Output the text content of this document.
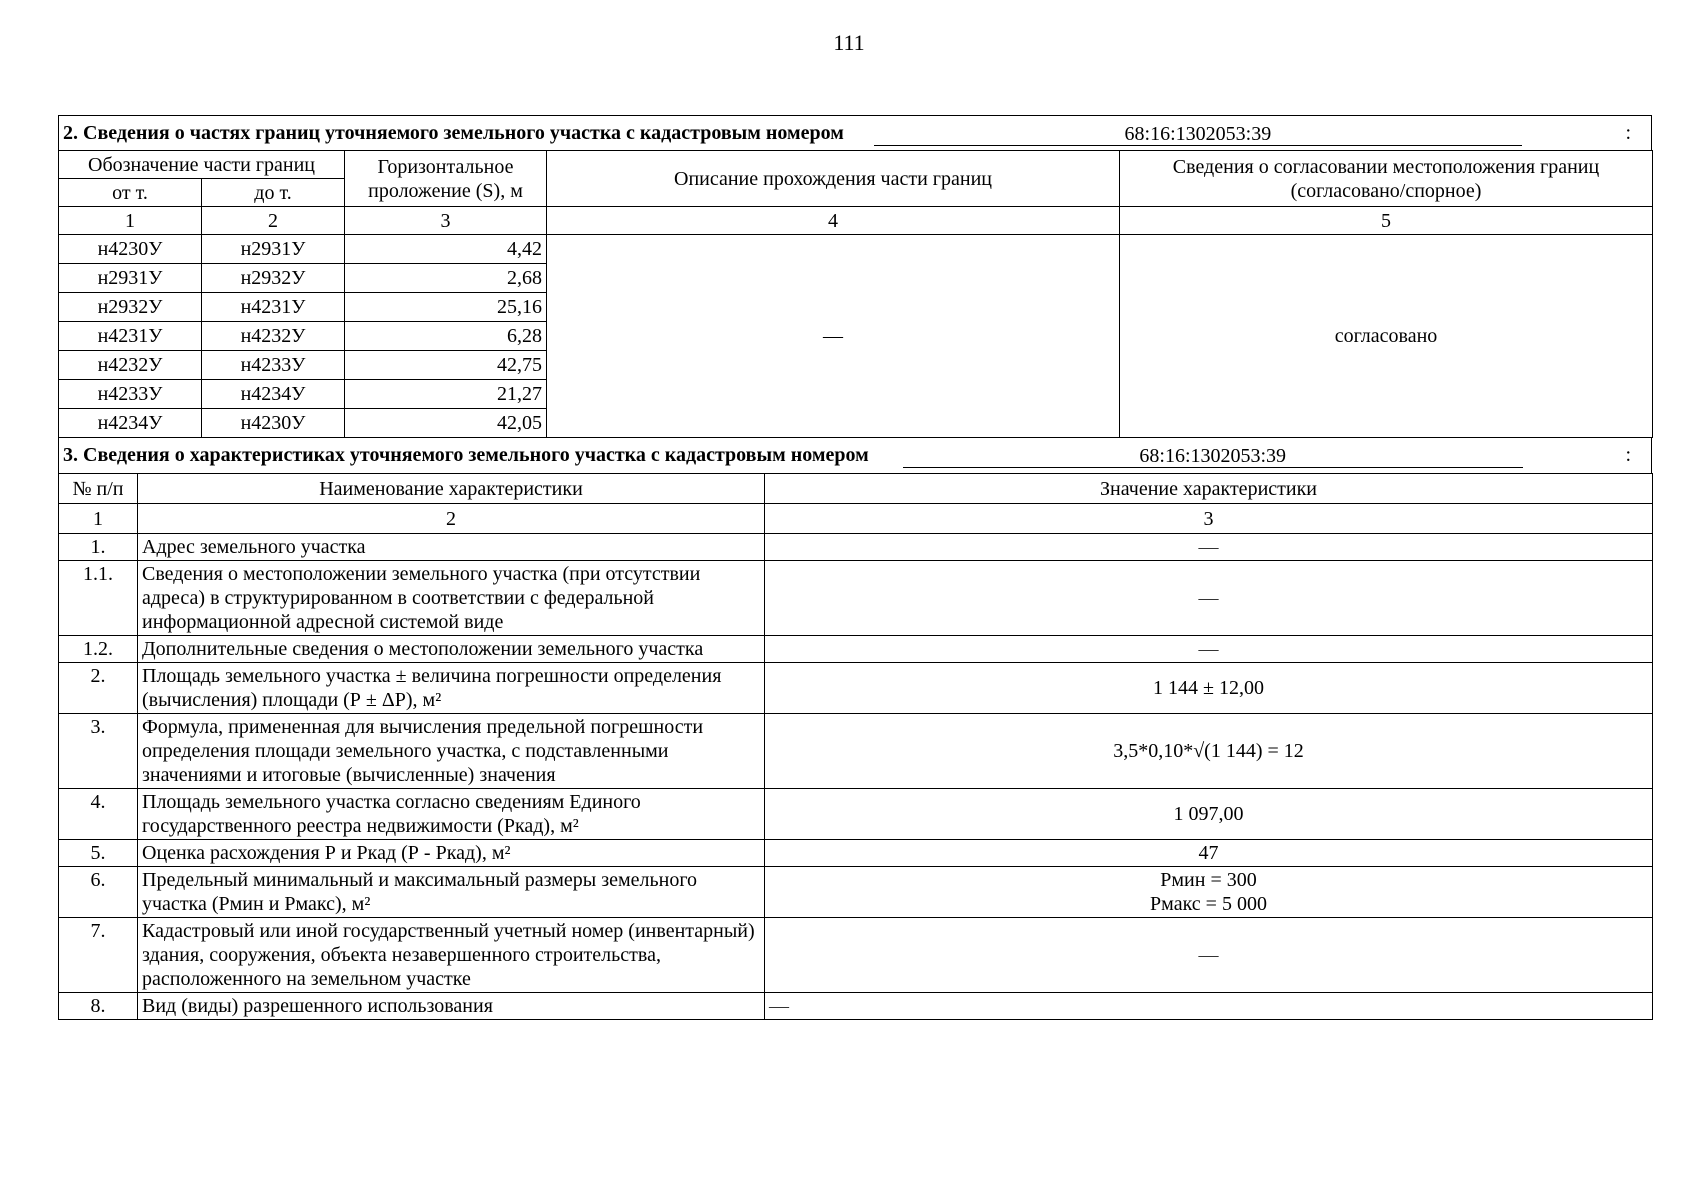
111
2. Сведения о частях границ уточняемого земельного участка с кадастровым номером	68:16:1302053:39	:
Обозначение части границ		Горизонтальное проложение (S), м	Описание прохождения части границ	Сведения о согласовании местоположения границ (согласовано/спорное)
от т.	до т.			
1	2	3	4	5
н4230У	н2931У	4,42	—	согласовано
н2931У	н2932У	2,68		
н2932У	н4231У	25,16		
н4231У	н4232У	6,28		
н4232У	н4233У	42,75		
н4233У	н4234У	21,27		
н4234У	н4230У	42,05		
3. Сведения о характеристиках уточняемого земельного участка с кадастровым номером	68:16:1302053:39	:
№ п/п	Наименование характеристики	Значение характеристики
1	2	3
1.	Адрес земельного участка	—
1.1.	Сведения о местоположении земельного участка (при отсутствии адреса) в структурированном в соответствии с федеральной информационной адресной системой виде	—
1.2.	Дополнительные сведения о местоположении земельного участка	—
2.	Площадь земельного участка ± величина погрешности определения (вычисления) площади (Р ± ΔР), м²	1 144 ± 12,00
3.	Формула, примененная для вычисления предельной погрешности определения площади земельного участка, с подставленными значениями и итоговые (вычисленные) значения	3,5*0,10*√(1 144) = 12
4.	Площадь земельного участка согласно сведениям Единого государственного реестра недвижимости (Ркад), м²	1 097,00
5.	Оценка расхождения Р и Ркад (Р - Ркад), м²	47
6.	Предельный минимальный и максимальный размеры земельного участка (Рмин и Рмакс), м²	Рмин = 300
Рмакс = 5 000

7.	Кадастровый или иной государственный учетный номер (инвентарный) здания, сооружения, объекта незавершенного строительства, расположенного на земельном участке	—
8.	Вид (виды) разрешенного использования	—
